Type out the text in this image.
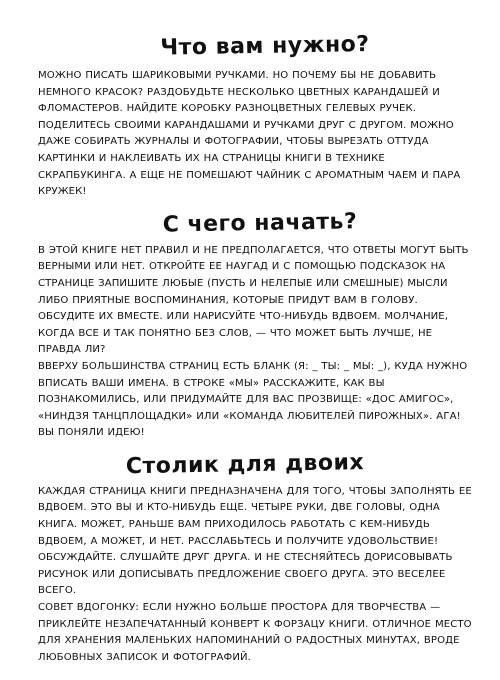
Что вам нужно?

МОЖНО ПИСАТЬ ШАРИКОВЫМИ РУЧКАМИ. НО ПОЧЕМУ БЫ НЕ ДОБАВИТЬ НЕМНОГО КРАСОК? РАЗДОБУДЬТЕ НЕСКОЛЬКО ЦВЕТНЫХ КАРАНДАШЕЙ И ФЛОМАСТЕРОВ. НАЙДИТЕ КОРОБКУ РАЗНОЦВЕТНЫХ ГЕЛЕВЫХ РУЧЕК. ПОДЕЛИТЕСЬ СВОИМИ КАРАНДАШАМИ И РУЧКАМИ ДРУГ С ДРУГОМ. МОЖНО ДАЖЕ СОБИРАТЬ ЖУРНАЛЫ И ФОТОГРАФИИ, ЧТОБЫ ВЫРЕЗАТЬ ОТТУДА КАРТИНКИ И НАКЛЕИВАТЬ ИХ НА СТРАНИЦЫ КНИГИ В ТЕХНИКЕ СКРАПБУКИНГА. А ЕЩЕ НЕ ПОМЕШАЮТ ЧАЙНИК С АРОМАТНЫМ ЧАЕМ И ПАРА КРУЖЕК!

С чего начать?

В ЭТОЙ КНИГЕ НЕТ ПРАВИЛ И НЕ ПРЕДПОЛАГАЕТСЯ, ЧТО ОТВЕТЫ МОГУТ БЫТЬ ВЕРНЫМИ ИЛИ НЕТ. ОТКРОЙТЕ ЕЕ НАУГАД И С ПОМОЩЬЮ ПОДСКАЗОК НА СТРАНИЦЕ ЗАПИШИТЕ ЛЮБЫЕ (ПУСТЬ И НЕЛЕПЫЕ ИЛИ СМЕШНЫЕ) МЫСЛИ ЛИБО ПРИЯТНЫЕ ВОСПОМИНАНИЯ, КОТОРЫЕ ПРИДУТ ВАМ В ГОЛОВУ. ОБСУДИТЕ ИХ ВМЕСТЕ. ИЛИ НАРИСУЙТЕ ЧТО-НИБУДЬ ВДВОЕМ. МОЛЧАНИЕ, КОГДА ВСЕ И ТАК ПОНЯТНО БЕЗ СЛОВ, — ЧТО МОЖЕТ БЫТЬ ЛУЧШЕ, НЕ ПРАВДА ЛИ?

ВВЕРХУ БОЛЬШИНСТВА СТРАНИЦ ЕСТЬ БЛАНК (Я: _ ТЫ: _ МЫ: _), КУДА НУЖНО ВПИСАТЬ ВАШИ ИМЕНА. В СТРОКЕ «МЫ» РАССКАЖИТЕ, КАК ВЫ ПОЗНАКОМИЛИСЬ, ИЛИ ПРИДУМАЙТЕ ДЛЯ ВАС ПРОЗВИЩЕ: «ДОС АМИГОС», «НИНДЗЯ ТАНЦПЛОЩАДКИ» ИЛИ «КОМАНДА ЛЮБИТЕЛЕЙ ПИРОЖНЫХ». АГА! ВЫ ПОНЯЛИ ИДЕЮ!

Столик для двоих

КАЖДАЯ СТРАНИЦА КНИГИ ПРЕДНАЗНАЧЕНА ДЛЯ ТОГО, ЧТОБЫ ЗАПОЛНЯТЬ ЕЕ ВДВОЕМ. ЭТО ВЫ И КТО-НИБУДЬ ЕЩЕ. ЧЕТЫРЕ РУКИ, ДВЕ ГОЛОВЫ, ОДНА КНИГА. МОЖЕТ, РАНЬШЕ ВАМ ПРИХОДИЛОСЬ РАБОТАТЬ С КЕМ-НИБУДЬ ВДВОЕМ, А МОЖЕТ, И НЕТ. РАССЛАБЬТЕСЬ И ПОЛУЧИТЕ УДОВОЛЬСТВИЕ! ОБСУЖДАЙТЕ. СЛУШАЙТЕ ДРУГ ДРУГА. И НЕ СТЕСНЯЙТЕСЬ ДОРИСОВЫВАТЬ РИСУНОК ИЛИ ДОПИСЫВАТЬ ПРЕДЛОЖЕНИЕ СВОЕГО ДРУГА. ЭТО ВЕСЕЛЕЕ ВСЕГО.

СОВЕТ ВДОГОНКУ: ЕСЛИ НУЖНО БОЛЬШЕ ПРОСТОРА ДЛЯ ТВОРЧЕСТВА — ПРИКЛЕЙТЕ НЕЗАПЕЧАТАННЫЙ КОНВЕРТ К ФОРЗАЦУ КНИГИ. ОТЛИЧНОЕ МЕСТО ДЛЯ ХРАНЕНИЯ МАЛЕНЬКИХ НАПОМИНАНИЙ О РАДОСТНЫХ МИНУТАХ, ВРОДЕ ЛЮБОВНЫХ ЗАПИСОК И ФОТОГРАФИЙ.
